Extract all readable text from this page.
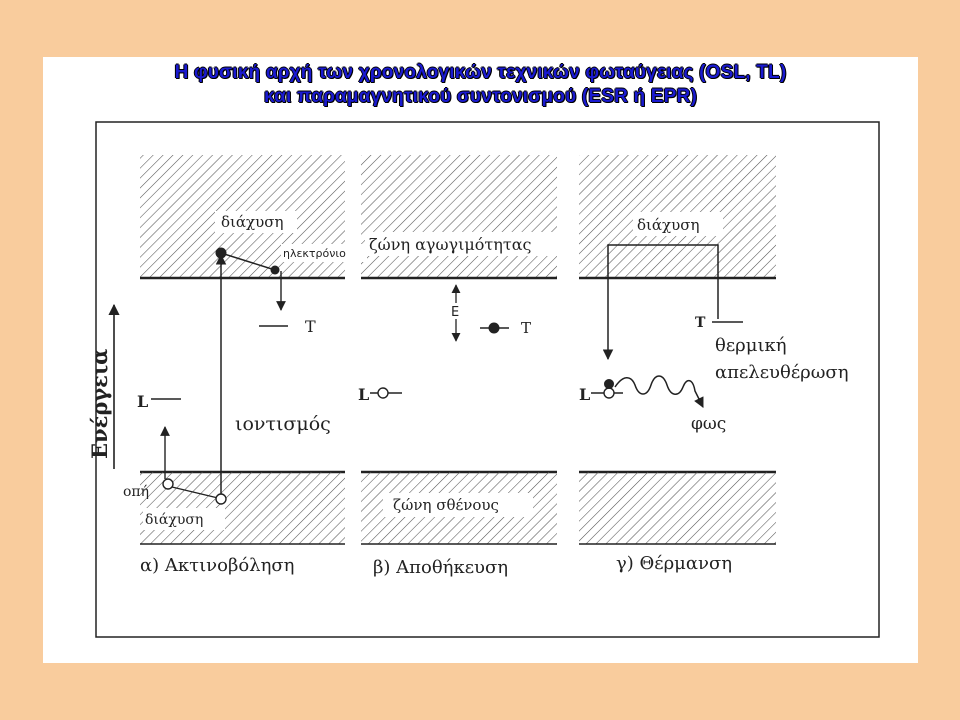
Η φυσική αρχή των χρονολογικών τεχνικών φωταύγειας (OSL, TL)
και παραμαγνητικού συντονισμού (ESR ή EPR)
Ενέργεια
T
L
διάχυση
ηλεκτρόνιο
ιοντισμός
οπή
διάχυση
α) Ακτινοβόληση
ζώνη αγωγιμότητας
E
T
L
ζώνη σθένους
β) Αποθήκευση
διάχυση
T
L
φως
θερμική
απελευθέρωση
γ) Θέρμανση
